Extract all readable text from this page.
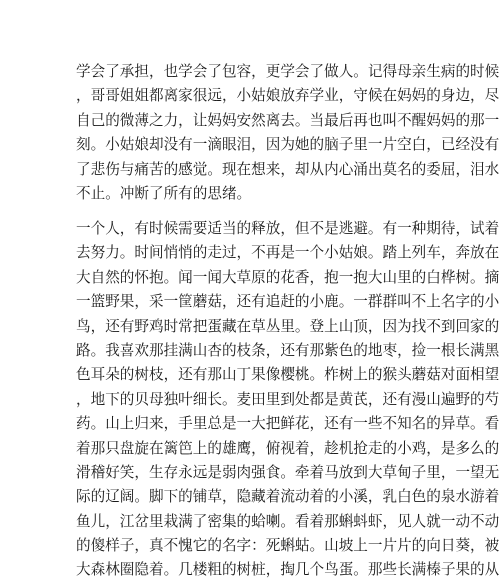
学会了承担，也学会了包容，更学会了做人。记得母亲生病的时候
，哥哥姐姐都离家很远，小姑娘放弃学业，守候在妈妈的身边，尽
自己的微薄之力，让妈妈安然离去。当最后再也叫不醒妈妈的那一
刻。小姑娘却没有一滴眼泪，因为她的脑子里一片空白，已经没有
了悲伤与痛苦的感觉。现在想来，却从内心涌出莫名的委屈，泪水
不止。冲断了所有的思绪。
一个人，有时候需要适当的释放，但不是逃避。有一种期待，试着
去努力。时间悄悄的走过，不再是一个小姑娘。踏上列车，奔放在
大自然的怀抱。闻一闻大草原的花香，抱一抱大山里的白桦树。摘
一篮野果，采一筐蘑菇，还有追赶的小鹿。一群群叫不上名字的小
鸟，还有野鸡时常把蛋藏在草丛里。登上山顶，因为找不到回家的
路。我喜欢那挂满山杏的枝条，还有那紫色的地枣，捡一根长满黑
色耳朵的树枝，还有那山丁果像樱桃。柞树上的猴头蘑菇对面相望
，地下的贝母独叶细长。麦田里到处都是黄芪，还有漫山遍野的芍
药。山上归来，手里总是一大把鲜花，还有一些不知名的异草。看
着那只盘旋在篱笆上的雄鹰，俯视着，趁机抢走的小鸡，是多么的
滑稽好笑，生存永远是弱肉强食。牵着马放到大草甸子里，一望无
际的辽阔。脚下的铺草，隐藏着流动着的小溪，乳白色的泉水游着
鱼儿，江岔里栽满了密集的蛤喇。看着那蝌蚪虾，见人就一动不动
的傻样子，真不愧它的名字：死蝌蛄。山坡上一片片的向日葵，被
大森林圈隐着。几楼粗的树桩，掏几个鸟蛋。那些长满榛子果的从
